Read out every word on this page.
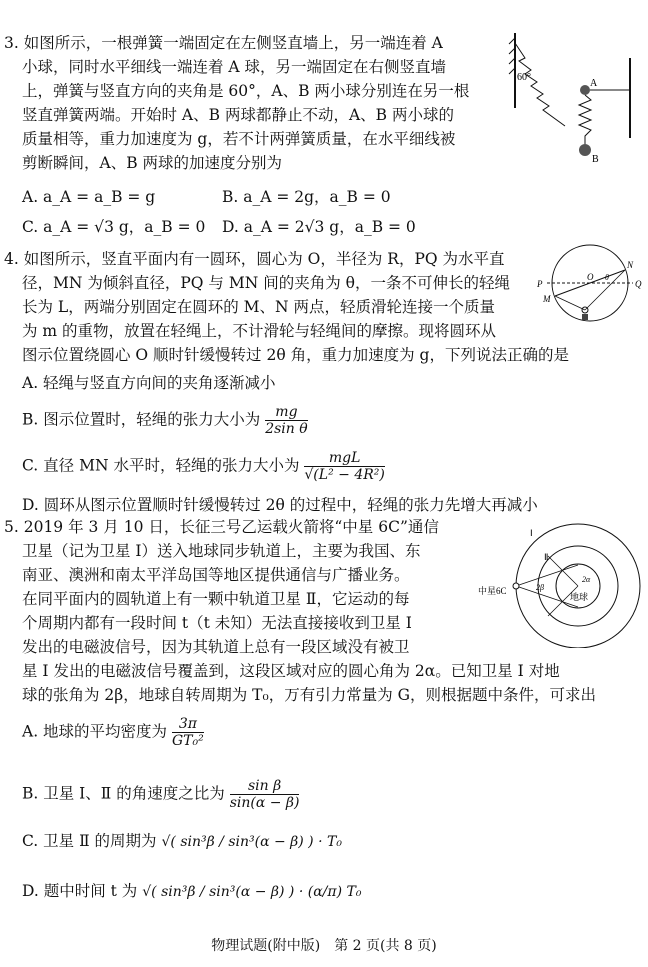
3. 如图所示，一根弹簧一端固定在左侧竖直墙上，另一端连着 A
小球，同时水平细线一端连着 A 球，另一端固定在右侧竖直墙
上，弹簧与竖直方向的夹角是 60°，A、B 两小球分别连在另一根
竖直弹簧两端。开始时 A、B 两球都静止不动，A、B 两小球的
质量相等，重力加速度为 g，若不计两弹簧质量，在水平细线被
剪断瞬间，A、B 两球的加速度分别为
A. a_A = a_B = g	B. a_A = 2g，a_B = 0
C. a_A = √3 g，a_B = 0 D. a_A = 2√3 g，a_B = 0
60°
A
B
4. 如图所示，竖直平面内有一圆环，圆心为 O，半径为 R，PQ 为水平直
径，MN 为倾斜直径，PQ 与 MN 间的夹角为 θ，一条不可伸长的轻绳
长为 L，两端分别固定在圆环的 M、N 两点，轻质滑轮连接一个质量
为 m 的重物，放置在轻绳上，不计滑轮与轻绳间的摩擦。现将圆环从
图示位置绕圆心 O 顺时针缓慢转过 2θ 角，重力加速度为 g，下列说法正确的是
A. 轻绳与竖直方向间的夹角逐渐减小
B. 图示位置时，轻绳的张力大小为 $\frac{mg}{\text{2sin θ}}$
C. 直径 MN 水平时，轻绳的张力大小为 $\frac{\text{mgL}}{\text{√(L² − 4R²)}}$
D. 圆环从图示位置顺时针缓慢转过 2θ 的过程中，轻绳的张力先增大再减小
P	Q
M
N
O θ
5. 2019 年 3 月 10 日，长征三号乙运载火箭将“中星 6C”通信
卫星（记为卫星 Ⅰ）送入地球同步轨道上，主要为我国、东
南亚、澳洲和南太平洋岛国等地区提供通信与广播业务。
在同平面内的圆轨道上有一颗中轨道卫星 Ⅱ，它运动的每
个周期内都有一段时间 t（t 未知）无法直接接收到卫星 Ⅰ
发出的电磁波信号，因为其轨道上总有一段区域没有被卫
星 Ⅰ 发出的电磁波信号覆盖到，这段区域对应的圆心角为 2α。已知卫星 Ⅰ 对地
球的张角为 2β，地球自转周期为 T₀，万有引力常量为 G，则根据题中条件，可求出
A. 地球的平均密度为 $\frac{3\pi}{\text{GT₀²}}$
B. 卫星 Ⅰ、Ⅱ 的角速度之比为 $\frac{\text{sin β}}{\sin(\alpha - \beta)}$
C. 卫星 Ⅱ 的周期为 √( sin³β / sin³(α − β) ) · T₀
D. 题中时间 t 为 √( sin³β / sin³(α − β) ) · (α/π) T₀
Ⅰ
Ⅱ
中星6C
地球
2α
2β
物理试题(附中版)　第 2 页(共 8 页)
